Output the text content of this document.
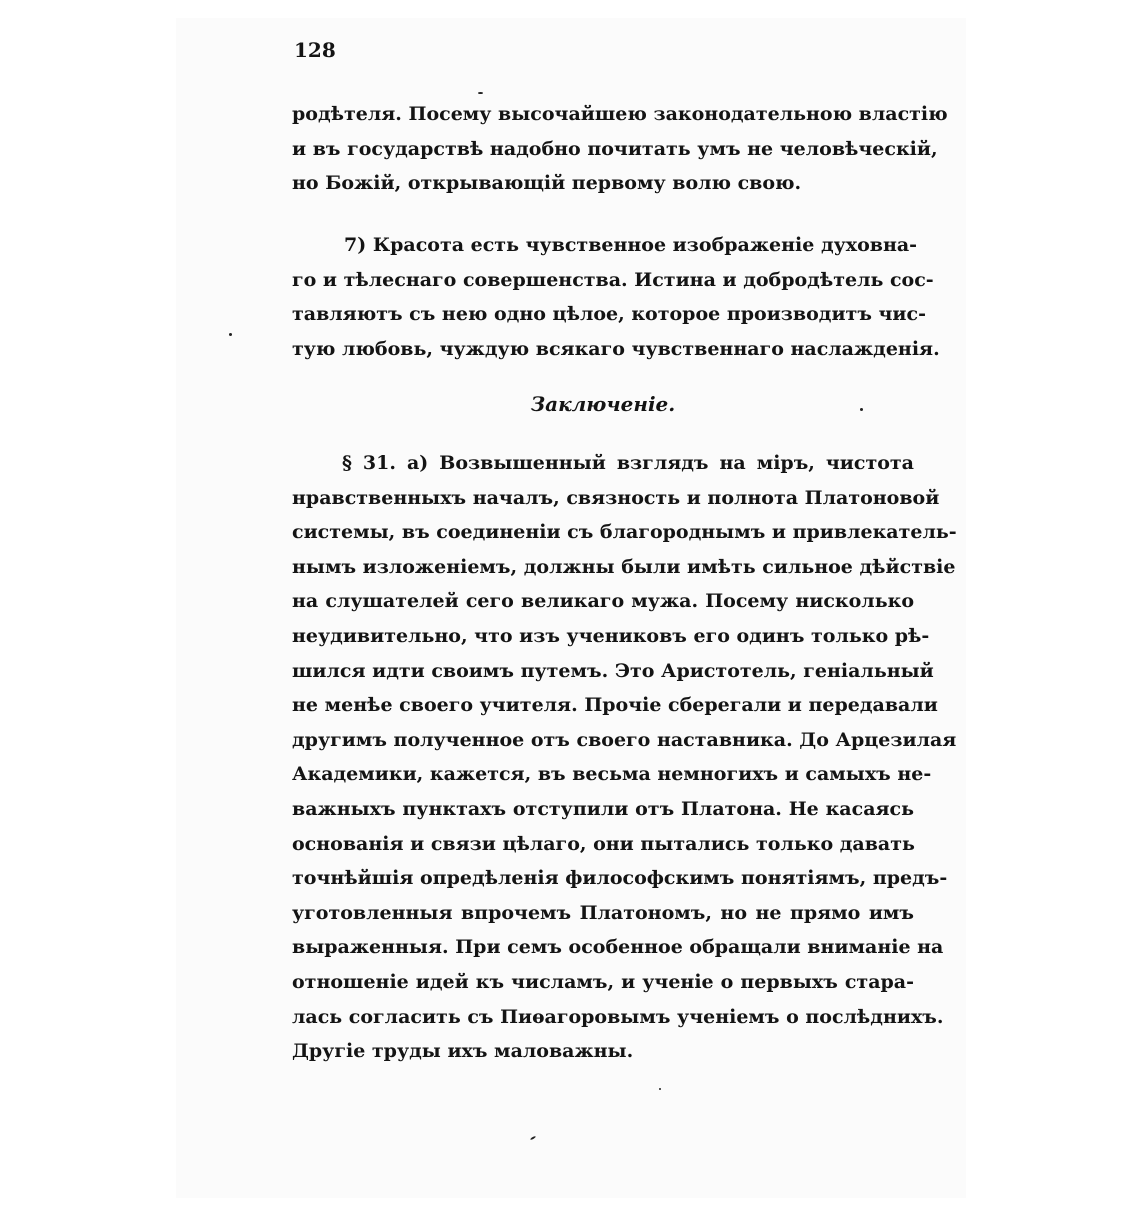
128
родѣтеля. Посему высочайшею законодательною властію
и въ государствѣ надобно почитать умъ не человѣческій,
но Божій, открывающій первому волю свою.
7) Красота есть чувственное изображеніе духовна-
го и тѣлеснаго совершенства. Истина и добродѣтель сос-
тавляютъ съ нею одно цѣлое, которое производитъ чис-
тую любовь, чуждую всякаго чувственнаго наслажденія.
Заключеніе.
§ 31. а) Возвышенный взглядъ на міръ, чистота
нравственныхъ началъ, связность и полнота Платоновой
системы, въ соединеніи съ благороднымъ и привлекатель-
нымъ изложеніемъ, должны были имѣть сильное дѣйствіе
на слушателей сего великаго мужа. Посему нисколько
неудивительно, что изъ учениковъ его одинъ только рѣ-
шился идти своимъ путемъ. Это Аристотель, геніальный
не менѣе своего учителя. Прочіе сберегали и передавали
другимъ полученное отъ своего наставника. До Арцезилая
Академики, кажется, въ весьма немногихъ и самыхъ не-
важныхъ пунктахъ отступили отъ Платона. Не касаясь
основанія и связи цѣлаго, они пытались только давать
точнѣйшія опредѣленія философскимъ понятіямъ, предъ-
уготовленныя впрочемъ Платономъ, но не прямо имъ
выраженныя. При семъ особенное обращали вниманіе на
отношеніе идей къ числамъ, и ученіе о первыхъ стара-
лась согласить съ Пиѳагоровымъ ученіемъ о послѣднихъ.
Другіе труды ихъ маловажны.
